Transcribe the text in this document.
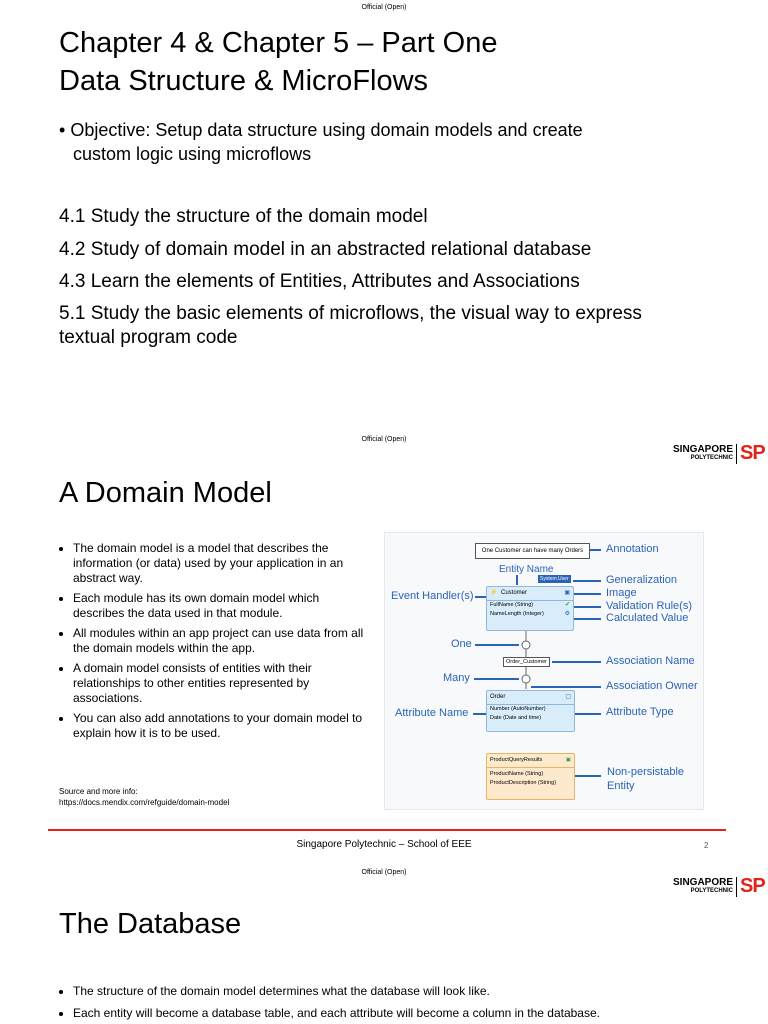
Official (Open)
Chapter 4 & Chapter 5 – Part One
Data Structure & MicroFlows
• Objective: Setup data structure using domain models and create
custom logic using microflows
4.1 Study the structure of the domain model
4.2 Study of domain model in an abstracted relational database
4.3 Learn the elements of Entities, Attributes and Associations
5.1 Study the basic elements of microflows, the visual way to express
textual program code
Official (Open)
SINGAPORE
POLYTECHNIC SP
A Domain Model
• The domain model is a model that describes the information (or data) used by your application in an abstract way.
• Each module has its own domain model which describes the data used in that module.
• All modules within an app project can use data from all the domain models within the app.
• A domain model consists of entities with their relationships to other entities represented by associations.
• You can also add annotations to your domain model to explain how it is to be used.
Source and more info:
https://docs.mendix.com/refguide/domain-model
One Customer can have many Orders	Annotation
Entity Name
System.User	Generalization
⚡ Customer	▣
FullName (String)
NameLength (Integer)
✔
⚙
Event Handler(s)	Image
Validation Rule(s)
Calculated Value
One
Order_Customer	Association Name
Many
Association Owner
Order	▢
Number (AutoNumber)
Date (Date and time)
Attribute Name	Attribute Type
ProductQueryResults	▣
ProductName (String)
ProductDescription (String)
Non-persistable
Entity
Singapore Polytechnic – School of EEE	2
Official (Open)
SINGAPORE
POLYTECHNIC SP
The Database
• The structure of the domain model determines what the database will look like.
• Each entity will become a database table, and each attribute will become a column in the database.
